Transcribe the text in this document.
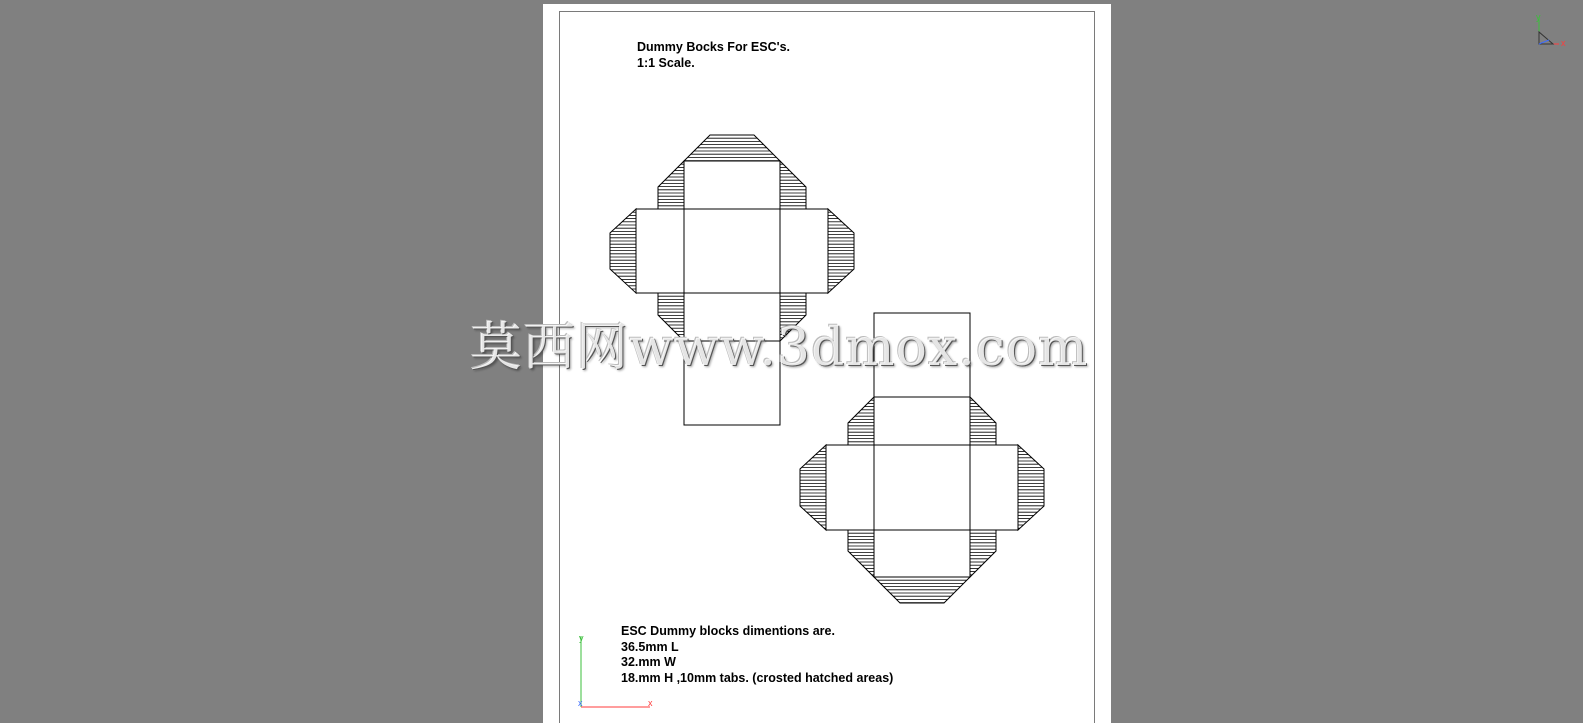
y
x
x
x
y
Dummy Bocks For ESC's.
1:1 Scale.
ESC Dummy blocks dimentions are.
36.5mm L
32.mm W
18.mm H ,10mm tabs. (crosted hatched areas)
莫西网www.3dmox.com
